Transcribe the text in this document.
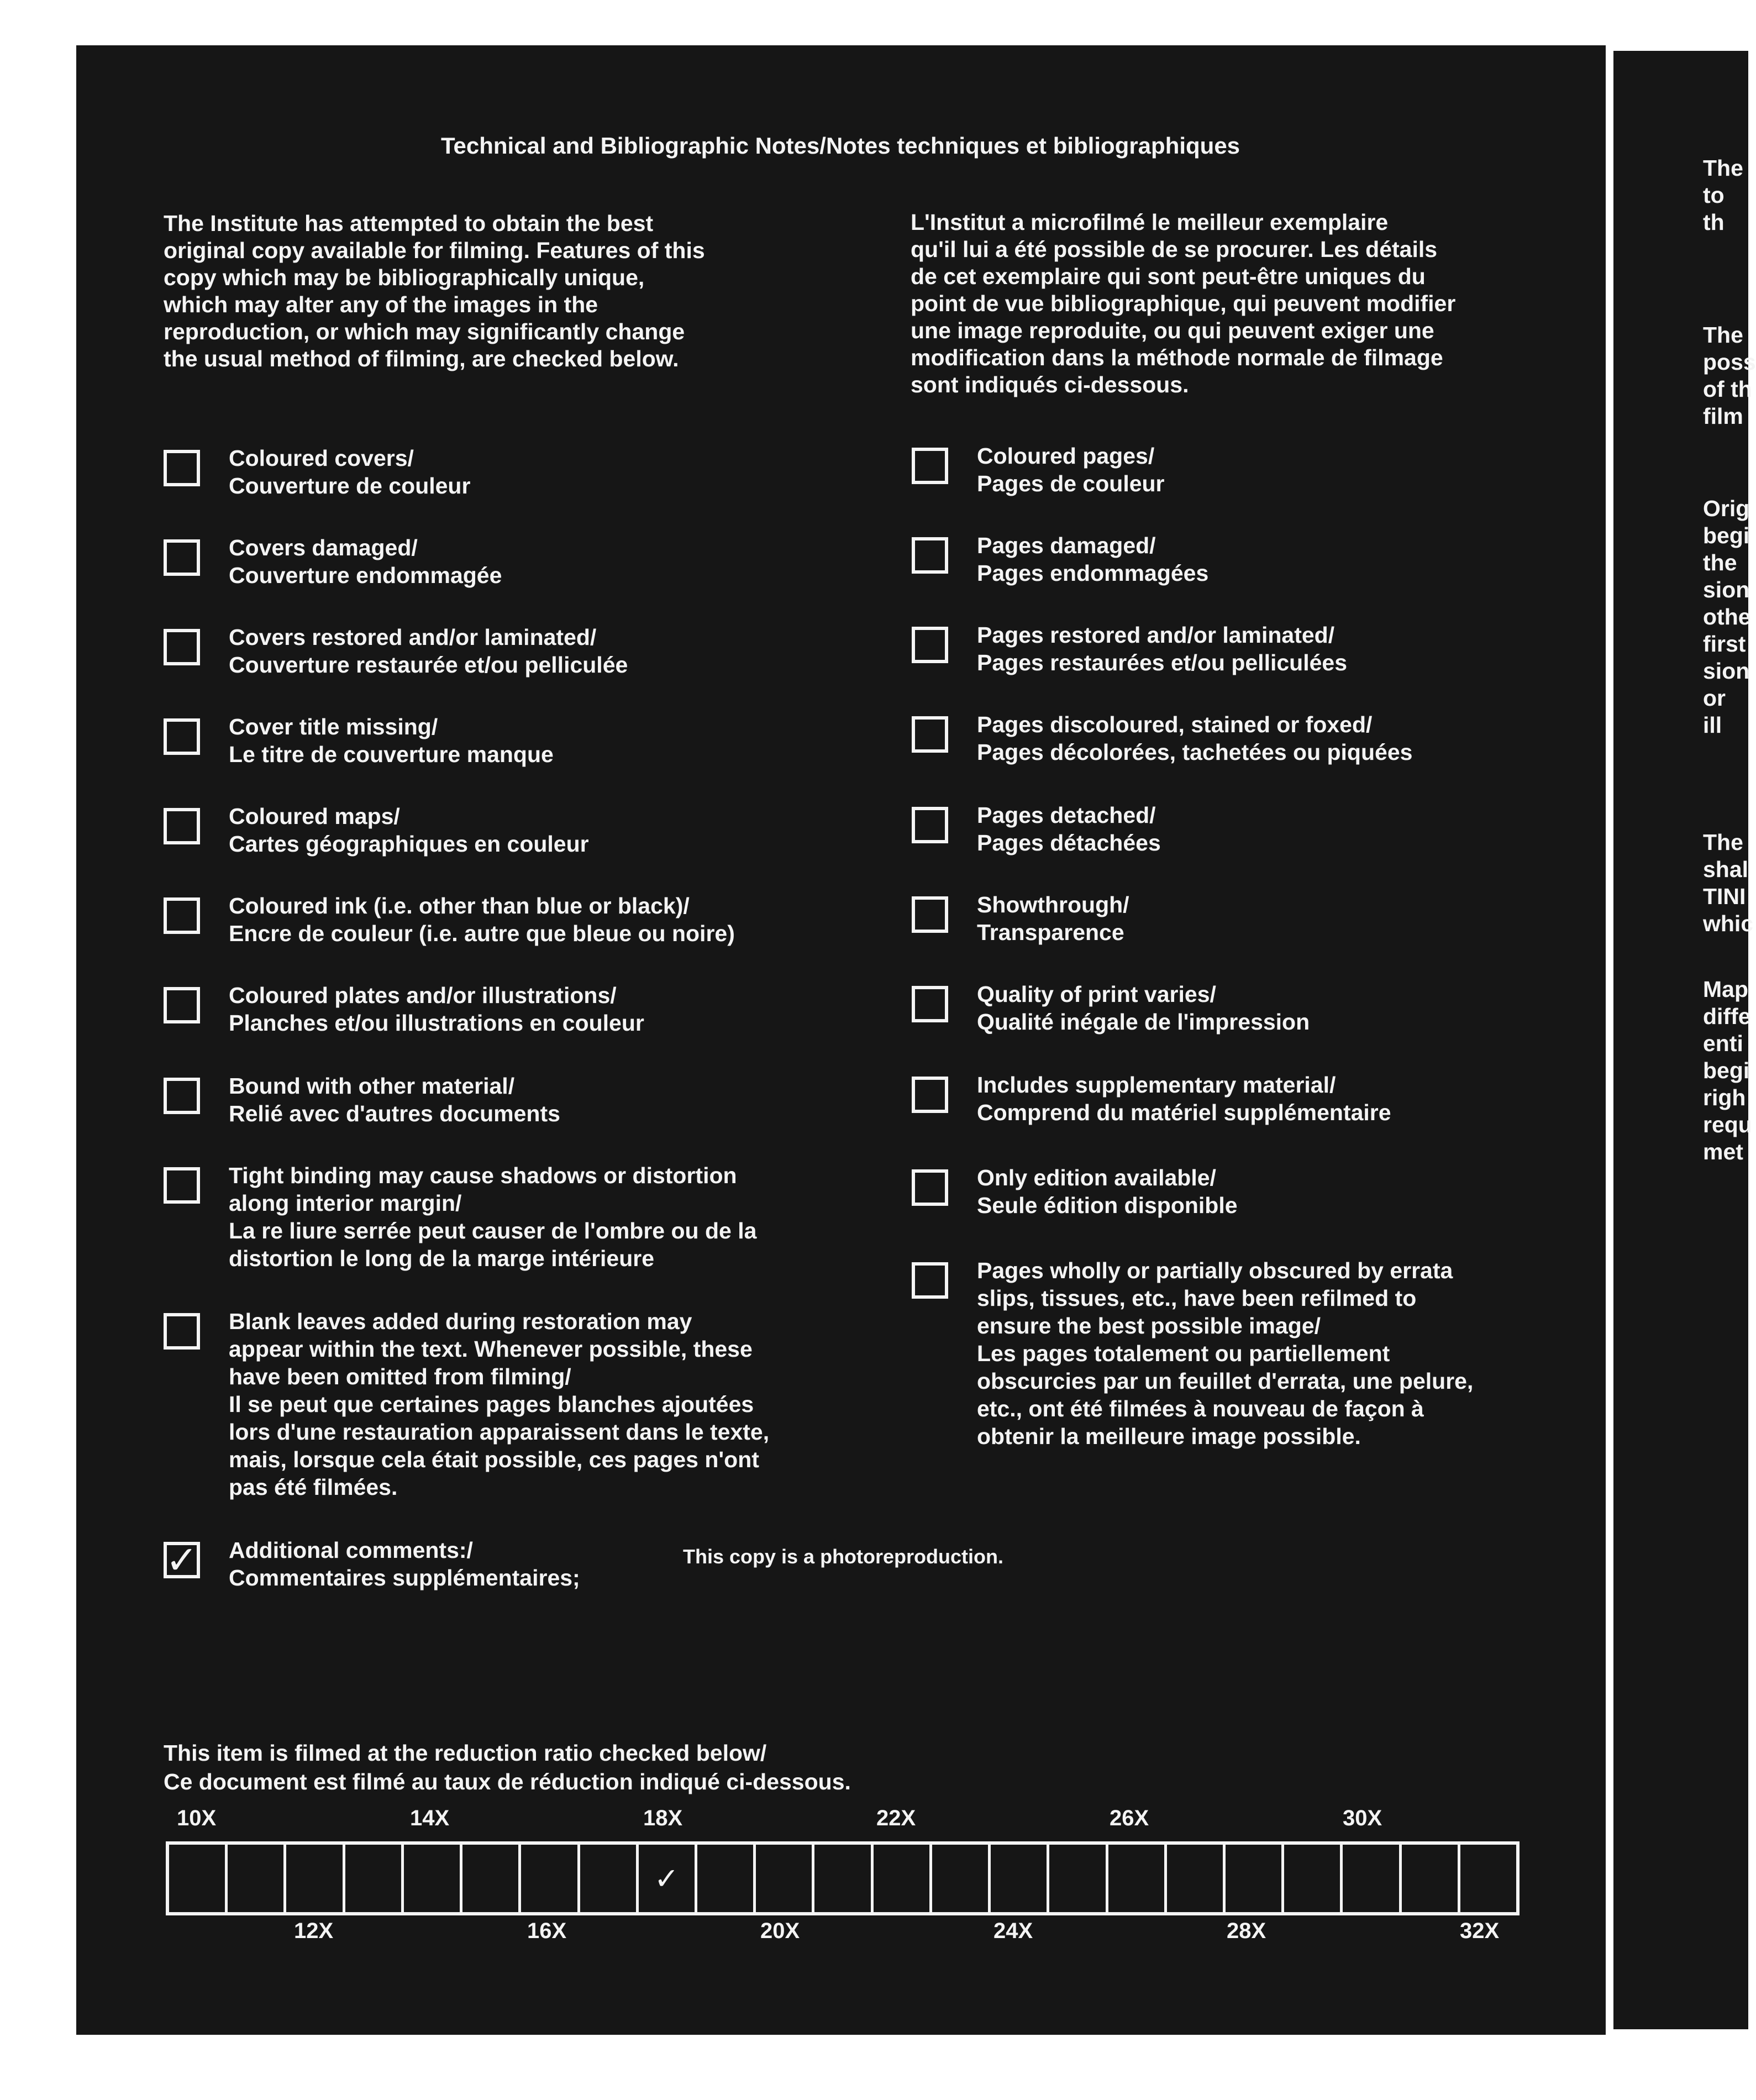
Technical and Bibliographic Notes/Notes techniques et bibliographiques
The Institute has attempted to obtain the best
original copy available for filming. Features of this
copy which may be bibliographically unique,
which may alter any of the images in the
reproduction, or which may significantly change
the usual method of filming, are checked below.
L'Institut a microfilmé le meilleur exemplaire
qu'il lui a été possible de se procurer. Les détails
de cet exemplaire qui sont peut-être uniques du
point de vue bibliographique, qui peuvent modifier
une image reproduite, ou qui peuvent exiger une
modification dans la méthode normale de filmage
sont indiqués ci-dessous.

Coloured covers/
Couverture de couleur

Covers damaged/
Couverture endommagée

Covers restored and/or laminated/
Couverture restaurée et/ou pelliculée

Cover title missing/
Le titre de couverture manque

Coloured maps/
Cartes géographiques en couleur

Coloured ink (i.e. other than blue or black)/
Encre de couleur (i.e. autre que bleue ou noire)

Coloured plates and/or illustrations/
Planches et/ou illustrations en couleur

Bound with other material/
Relié avec d'autres documents

Tight binding may cause shadows or distortion
along interior margin/
La re liure serrée peut causer de l'ombre ou de la
distortion le long de la marge intérieure

Blank leaves added during restoration may
appear within the text. Whenever possible, these
have been omitted from filming/
Il se peut que certaines pages blanches ajoutées
lors d'une restauration apparaissent dans le texte,
mais, lorsque cela était possible, ces pages n'ont
pas été filmées.

Coloured pages/
Pages de couleur

Pages damaged/
Pages endommagées

Pages restored and/or laminated/
Pages restaurées et/ou pelliculées

Pages discoloured, stained or foxed/
Pages décolorées, tachetées ou piquées

Pages detached/
Pages détachées

Showthrough/
Transparence

Quality of print varies/
Qualité inégale de l'impression

Includes supplementary material/
Comprend du matériel supplémentaire

Only edition available/
Seule édition disponible

Pages wholly or partially obscured by errata
slips, tissues, etc., have been refilmed to
ensure the best possible image/
Les pages totalement ou partiellement
obscurcies par un feuillet d'errata, une pelure,
etc., ont été filmées à nouveau de façon à
obtenir la meilleure image possible.

✓ Additional comments:/
Commentaires supplémentaires;

This copy is a photoreproduction.
This item is filmed at the reduction ratio checked below/
Ce document est filmé au taux de réduction indiqué ci-dessous.
10X	14X	18X	22X	26X	30X
✓
12X	16X	20X	24X	28X	32X
The
to th
The
poss
of th
film
Orig
begi
the
sion
othe
first
sion
or ill
The
shal
TINI
whic
Map
diffe
enti
begi
righ
requ
met
